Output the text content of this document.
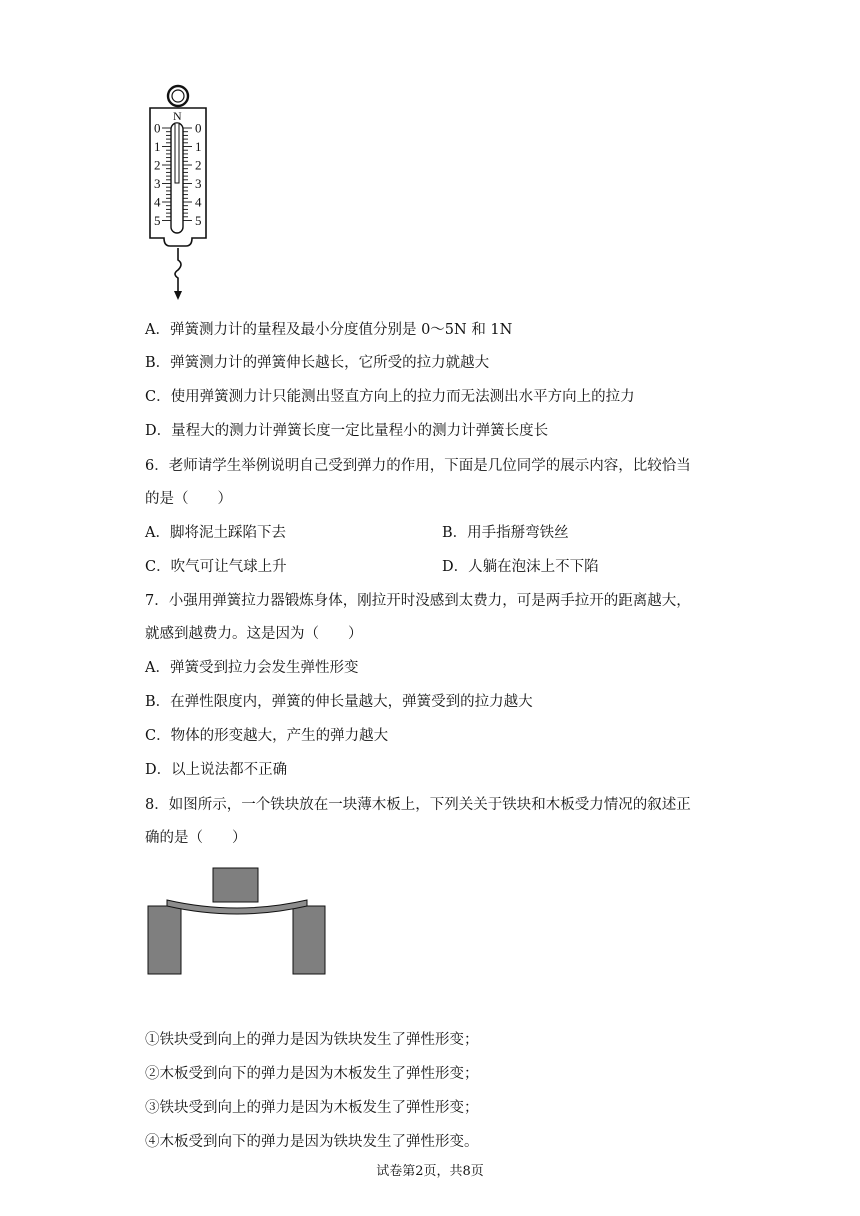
N
0	0
1	1
2	2
3	3
4	4
5	5
A．弹簧测力计的量程及最小分度值分别是 0～5N 和 1N
B．弹簧测力计的弹簧伸长越长，它所受的拉力就越大
C．使用弹簧测力计只能测出竖直方向上的拉力而无法测出水平方向上的拉力
D．量程大的测力计弹簧长度一定比量程小的测力计弹簧长度长
6．老师请学生举例说明自己受到弹力的作用，下面是几位同学的展示内容，比较恰当
的是（　　）
A．脚将泥土踩陷下去	B．用手指掰弯铁丝
C．吹气可让气球上升	D．人躺在泡沫上不下陷
7．小强用弹簧拉力器锻炼身体，刚拉开时没感到太费力，可是两手拉开的距离越大，
就感到越费力。这是因为（　　）
A．弹簧受到拉力会发生弹性形变
B．在弹性限度内，弹簧的伸长量越大，弹簧受到的拉力越大
C．物体的形变越大，产生的弹力越大
D．以上说法都不正确
8．如图所示，一个铁块放在一块薄木板上，下列关关于铁块和木板受力情况的叙述正
确的是（　　）
①铁块受到向上的弹力是因为铁块发生了弹性形变；
②木板受到向下的弹力是因为木板发生了弹性形变；
③铁块受到向上的弹力是因为木板发生了弹性形变；
④木板受到向下的弹力是因为铁块发生了弹性形变。
试卷第2页，共8页
